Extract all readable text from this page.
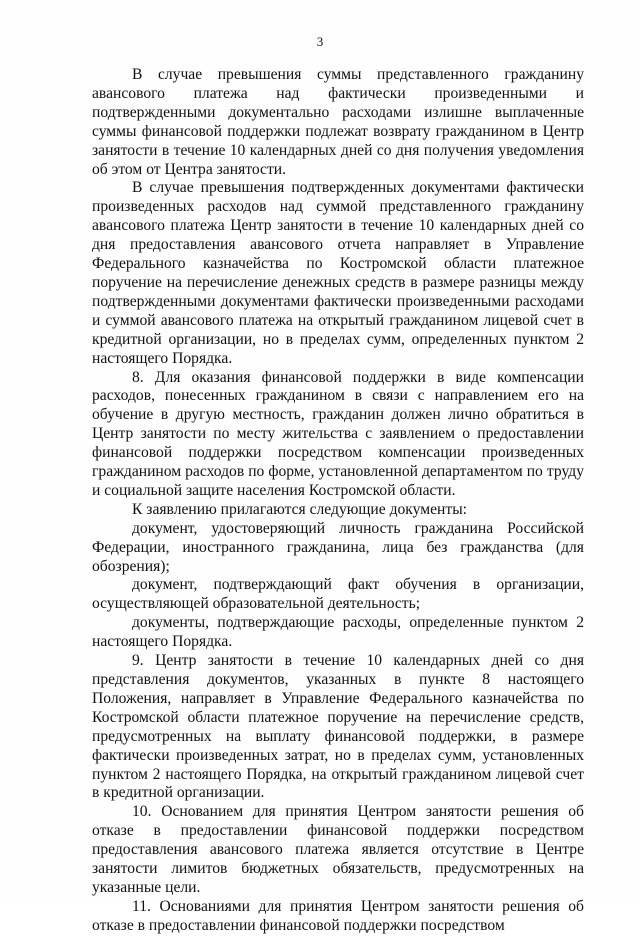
3

В случае превышения суммы представленного гражданину авансового платежа над фактически произведенными и подтвержденными документально расходами излишне выплаченные суммы финансовой поддержки подлежат возврату гражданином в Центр занятости в течение 10 календарных дней со дня получения уведомления об этом от Центра занятости.

В случае превышения подтвержденных документами фактически произведенных расходов над суммой представленного гражданину авансового платежа Центр занятости в течение 10 календарных дней со дня предоставления авансового отчета направляет в Управление Федерального казначейства по Костромской области платежное поручение на перечисление денежных средств в размере разницы между подтвержденными документами фактически произведенными расходами и суммой авансового платежа на открытый гражданином лицевой счет в кредитной организации, но в пределах сумм, определенных пунктом 2 настоящего Порядка.

8. Для оказания финансовой поддержки в виде компенсации расходов, понесенных гражданином в связи с направлением его на обучение в другую местность, гражданин должен лично обратиться в Центр занятости по месту жительства с заявлением о предоставлении финансовой поддержки посредством компенсации произведенных гражданином расходов по форме, установленной департаментом по труду и социальной защите населения Костромской области.

К заявлению прилагаются следующие документы:

документ, удостоверяющий личность гражданина Российской Федерации, иностранного гражданина, лица без гражданства (для обозрения);

документ, подтверждающий факт обучения в организации, осуществляющей образовательной деятельность;

документы, подтверждающие расходы, определенные пунктом 2 настоящего Порядка.

9. Центр занятости в течение 10 календарных дней со дня представления документов, указанных в пункте 8 настоящего Положения, направляет в Управление Федерального казначейства по Костромской области платежное поручение на перечисление средств, предусмотренных на выплату финансовой поддержки, в размере фактически произведенных затрат, но в пределах сумм, установленных пунктом 2 настоящего Порядка, на открытый гражданином лицевой счет в кредитной организации.

10. Основанием для принятия Центром занятости решения об отказе в предоставлении финансовой поддержки посредством предоставления авансового платежа является отсутствие в Центре занятости лимитов бюджетных обязательств, предусмотренных на указанные цели.

11. Основаниями для принятия Центром занятости решения об отказе в предоставлении финансовой поддержки посредством
